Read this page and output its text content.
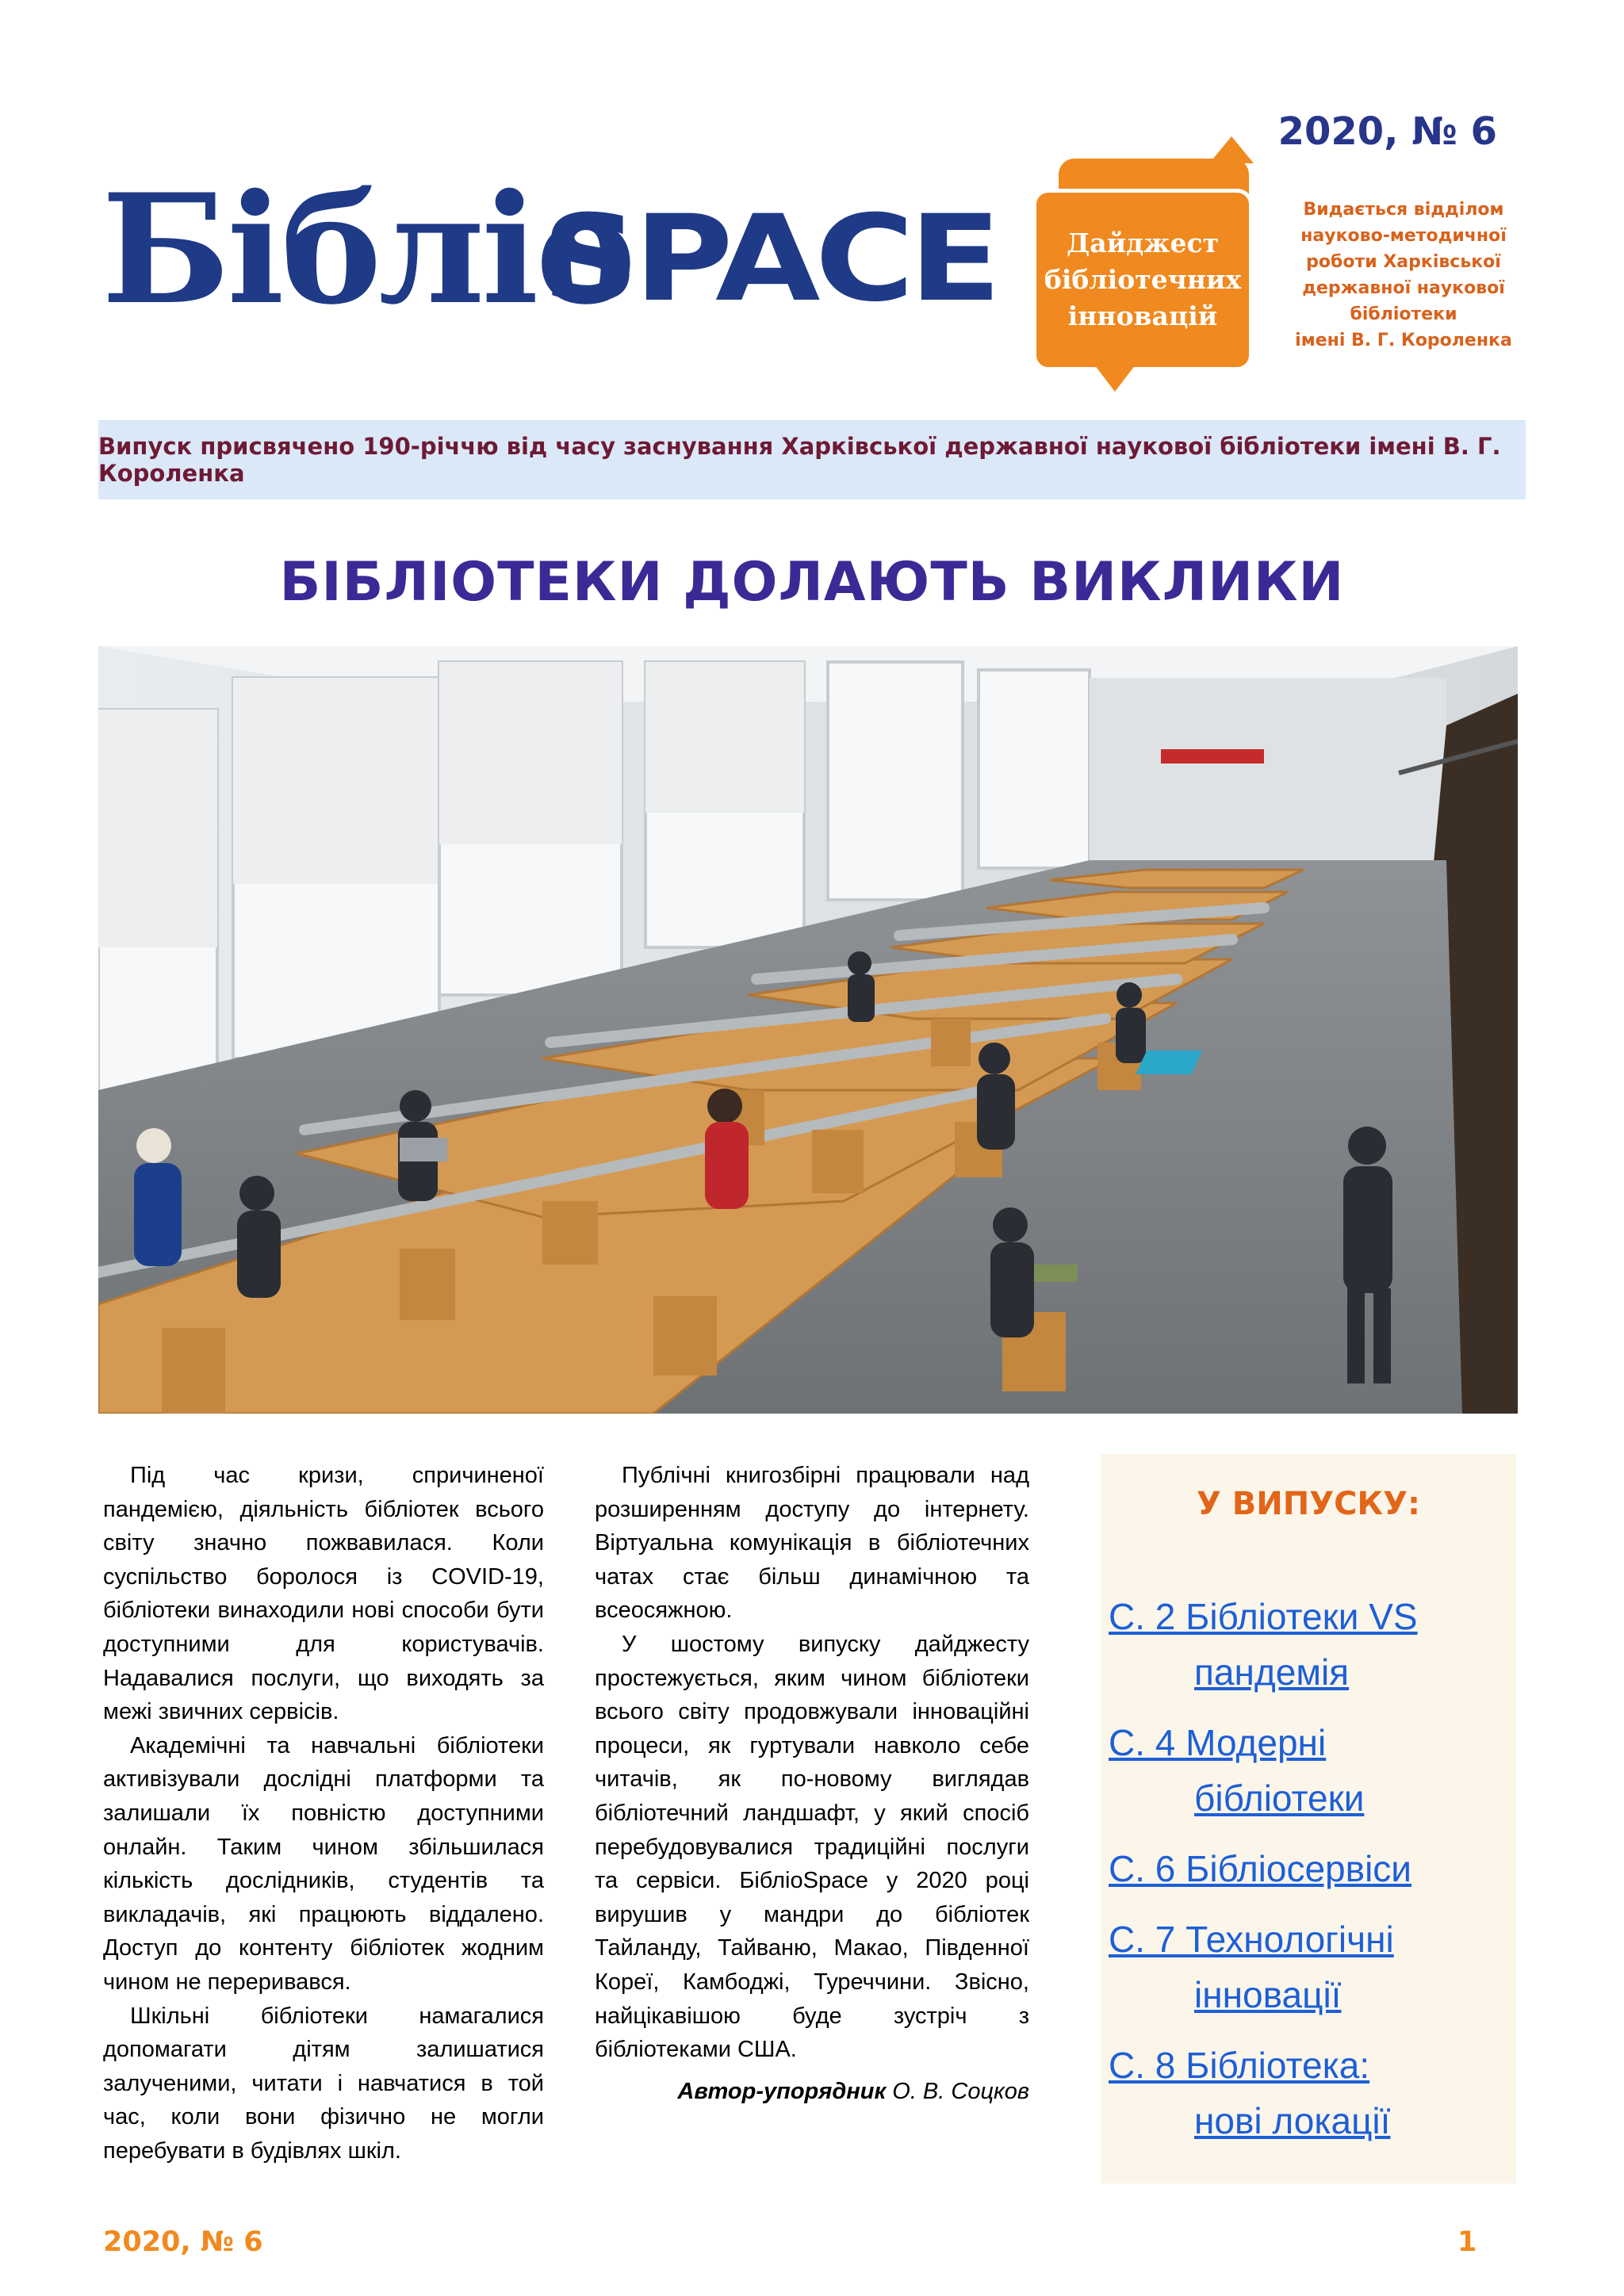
Бібліо
SPACE	Дайджест
бібліотечних
інновацій
2020, № 6
Видається відділом
науково-методичної
роботи Харківської
державної наукової
бібліотеки
імені В. Г. Короленка
Випуск присвячено 190-річчю від часу заснування Харківської державної наукової бібліотеки імені В. Г. Короленка
БІБЛІОТЕКИ ДОЛАЮТЬ ВИКЛИКИ

Під час кризи, спричиненої пандемією, діяльність бібліотек всього світу значно пожвавилася. Коли суспільство боролося із COVID-19, бібліотеки винаходили нові способи бути доступними для користувачів. Надавалися послуги, що виходять за межі звичних сервісів.

Академічні та навчальні бібліотеки активізували дослідні платформи та залишали їх повністю доступними онлайн. Таким чином збільшилася кількість дослідників, студентів та викладачів, які працюють віддалено. Доступ до контенту бібліотек жодним чином не переривався.

Шкільні бібліотеки намагалися допомагати дітям залишатися залученими, читати і навчатися в той час, коли вони фізично не могли перебувати в будівлях шкіл.

Публічні книгозбірні працювали над розширенням доступу до інтернету. Віртуальна комунікація в бібліотечних чатах стає більш динамічною та всеосяжною.

У шостому випуску дайджесту простежується, яким чином бібліотеки всього світу продовжували інноваційні процеси, як гуртували навколо себе читачів, як по-новому виглядав бібліотечний ландшафт, у який спосіб перебудовувалися традиційні послуги та сервіси. БібліоSpace у 2020 році вирушив у мандри до бібліотек Тайланду, Тайваню, Макао, Південної Кореї, Камбоджі, Туреччини. Звісно, найцікавішою буде зустріч з бібліотеками США.

Автор-упорядник О. В. Соцков

У ВИПУСКУ:
С. 2 Бібліотеки VS
пандемія
С. 4 Модерні
бібліотеки
С. 6 Бібліосервіси
С. 7 Технологічні
інновації
С. 8 Бібліотека:
нові локації
2020, № 6	1
